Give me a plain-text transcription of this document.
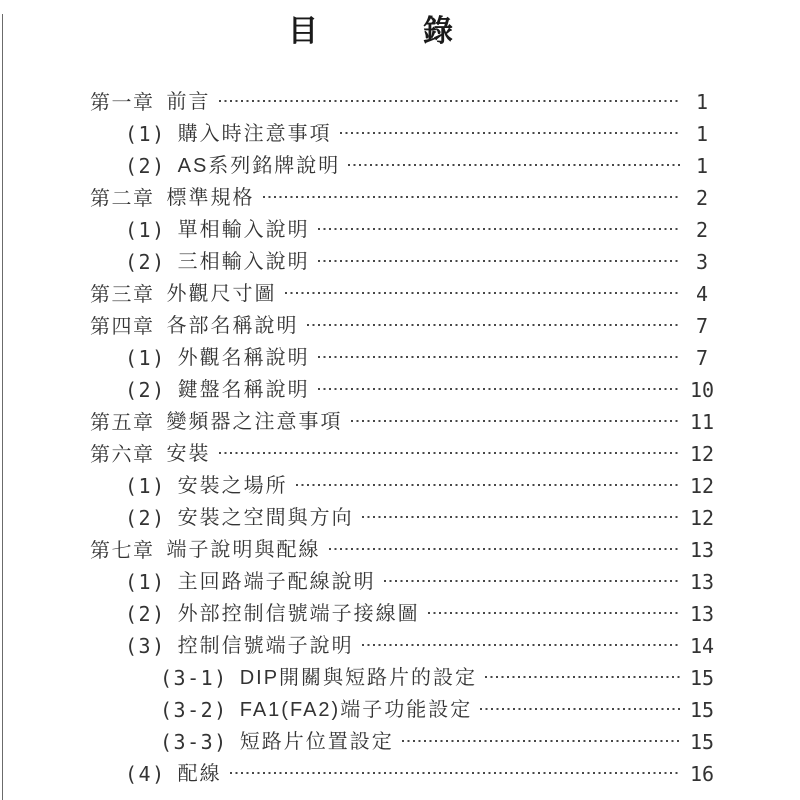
目         錄
第一章 前言	1
(1) 購入時注意事項	1
(2) AS系列銘牌說明	1
第二章 標準規格	2
(1) 單相輸入說明	2
(2) 三相輸入說明	3
第三章 外觀尺寸圖	4
第四章 各部名稱說明	7
(1) 外觀名稱說明	7
(2) 鍵盤名稱說明	10
第五章 變頻器之注意事項	11
第六章 安裝	12
(1) 安裝之場所	12
(2) 安裝之空間與方向	12
第七章 端子說明與配線	13
(1) 主回路端子配線說明	13
(2) 外部控制信號端子接線圖	13
(3) 控制信號端子說明	14
(3-1) DIP開關與短路片的設定	15
(3-2) FA1(FA2)端子功能設定	15
(3-3) 短路片位置設定	15
(4) 配線	16
